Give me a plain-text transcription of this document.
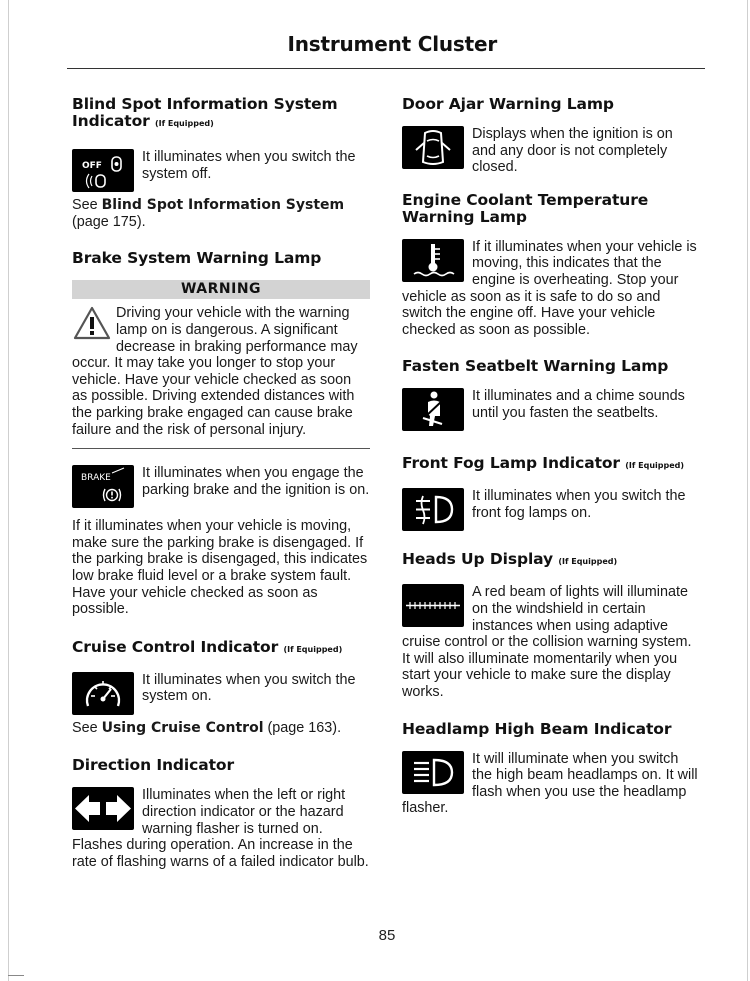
Instrument Cluster
Blind Spot Information System Indicator (If Equipped)
OFF

It illuminates when you switch the system off.

See Blind Spot Information System (page 175).

Brake System Warning Lamp
WARNING

Driving your vehicle with the warning lamp on is dangerous. A significant decrease in braking performance may occur. It may take you longer to stop your vehicle. Have your vehicle checked as soon as possible. Driving extended distances with the parking brake engaged can cause brake failure and the risk of personal injury.

BRAKE	It illuminates when you engage the parking brake and the ignition is on.

If it illuminates when your vehicle is moving, make sure the parking brake is disengaged. If the parking brake is disengaged, this indicates low brake fluid level or a brake system fault. Have your vehicle checked as soon as possible.

Cruise Control Indicator (If Equipped)

It illuminates when you switch the system on.

See Using Cruise Control (page 163).

Direction Indicator

Illuminates when the left or right direction indicator or the hazard warning flasher is turned on. Flashes during operation. An increase in the rate of flashing warns of a failed indicator bulb.

Door Ajar Warning Lamp

Displays when the ignition is on and any door is not completely closed.

Engine Coolant Temperature Warning Lamp

If it illuminates when your vehicle is moving, this indicates that the engine is overheating. Stop your vehicle as soon as it is safe to do so and switch the engine off. Have your vehicle checked as soon as possible.

Fasten Seatbelt Warning Lamp

It illuminates and a chime sounds until you fasten the seatbelts.

Front Fog Lamp Indicator (If Equipped)

It illuminates when you switch the front fog lamps on.

Heads Up Display (If Equipped)

A red beam of lights will illuminate on the windshield in certain instances when using adaptive cruise control or the collision warning system. It will also illuminate momentarily when you start your vehicle to make sure the display works.

Headlamp High Beam Indicator

It will illuminate when you switch the high beam headlamps on. It will flash when you use the headlamp flasher.

85
